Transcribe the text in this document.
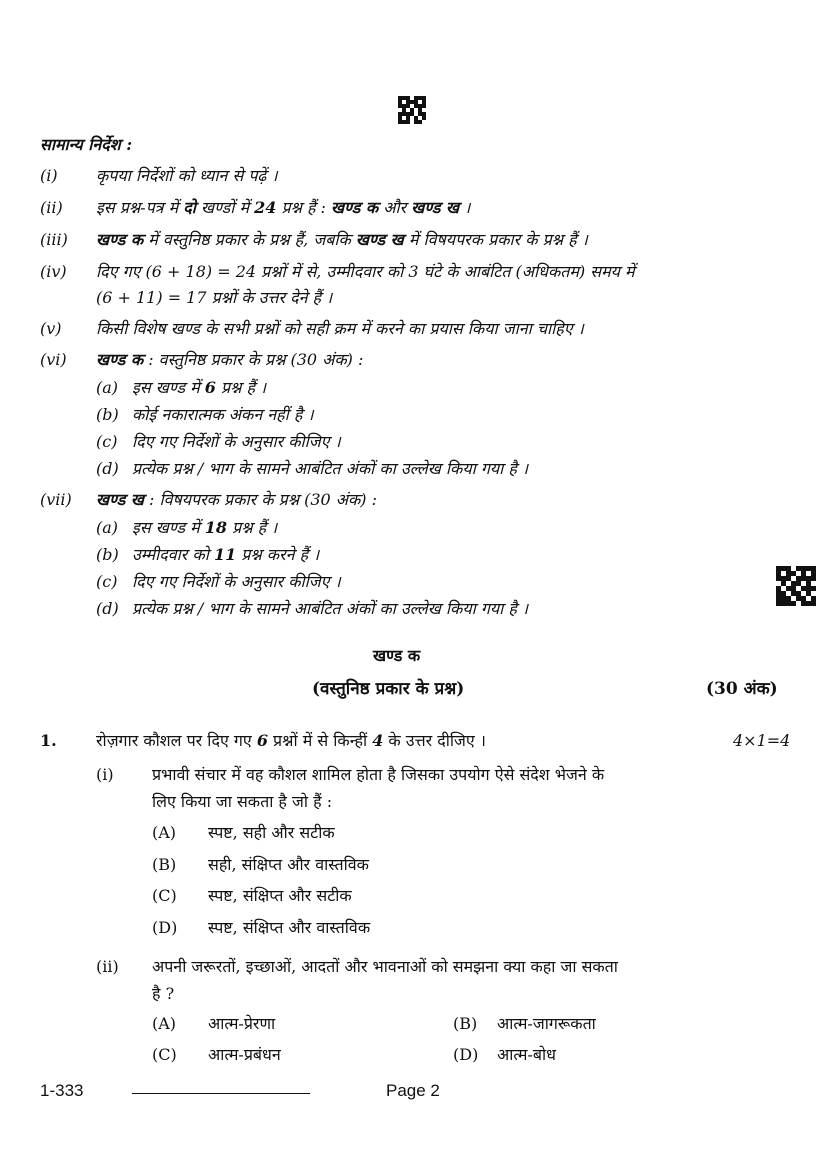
सामान्य निर्देश :
(i) कृपया निर्देशों को ध्यान से पढ़ें ।
(ii) इस प्रश्न-पत्र में दो खण्डों में 24 प्रश्न हैं : खण्ड क और खण्ड ख ।
(iii) खण्ड क में वस्तुनिष्ठ प्रकार के प्रश्न हैं, जबकि खण्ड ख में विषयपरक प्रकार के प्रश्न हैं ।
(iv) दिए गए (6 + 18) = 24 प्रश्नों में से, उम्मीदवार को 3 घंटे के आबंटित (अधिकतम) समय में
(6 + 11) = 17 प्रश्नों के उत्तर देने हैं ।
(v) किसी विशेष खण्ड के सभी प्रश्नों को सही क्रम में करने का प्रयास किया जाना चाहिए ।
(vi) खण्ड क : वस्तुनिष्ठ प्रकार के प्रश्न (30 अंक) :
(a) इस खण्ड में 6 प्रश्न हैं ।
(b) कोई नकारात्मक अंकन नहीं है ।
(c) दिए गए निर्देशों के अनुसार कीजिए ।
(d) प्रत्येक प्रश्न / भाग के सामने आबंटित अंकों का उल्लेख किया गया है ।
(vii) खण्ड ख : विषयपरक प्रकार के प्रश्न (30 अंक) :
(a) इस खण्ड में 18 प्रश्न हैं ।
(b) उम्मीदवार को 11 प्रश्न करने हैं ।
(c) दिए गए निर्देशों के अनुसार कीजिए ।
(d) प्रत्येक प्रश्न / भाग के सामने आबंटित अंकों का उल्लेख किया गया है ।
खण्ड क
(वस्तुनिष्ठ प्रकार के प्रश्न)	(30 अंक)
1. रोज़गार कौशल पर दिए गए 6 प्रश्नों में से किन्हीं 4 के उत्तर दीजिए ।	4×1=4
(i) प्रभावी संचार में वह कौशल शामिल होता है जिसका उपयोग ऐसे संदेश भेजने के
लिए किया जा सकता है जो हैं :
(A) स्पष्ट, सही और सटीक
(B) सही, संक्षिप्त और वास्तविक
(C) स्पष्ट, संक्षिप्त और सटीक
(D) स्पष्ट, संक्षिप्त और वास्तविक
(ii) अपनी जरूरतों, इच्छाओं, आदतों और भावनाओं को समझना क्या कहा जा सकता
है ?
(A) आत्म-प्रेरणा	(B) आत्म-जागरूकता
(C) आत्म-प्रबंधन	(D) आत्म-बोध
1-333	Page 2
